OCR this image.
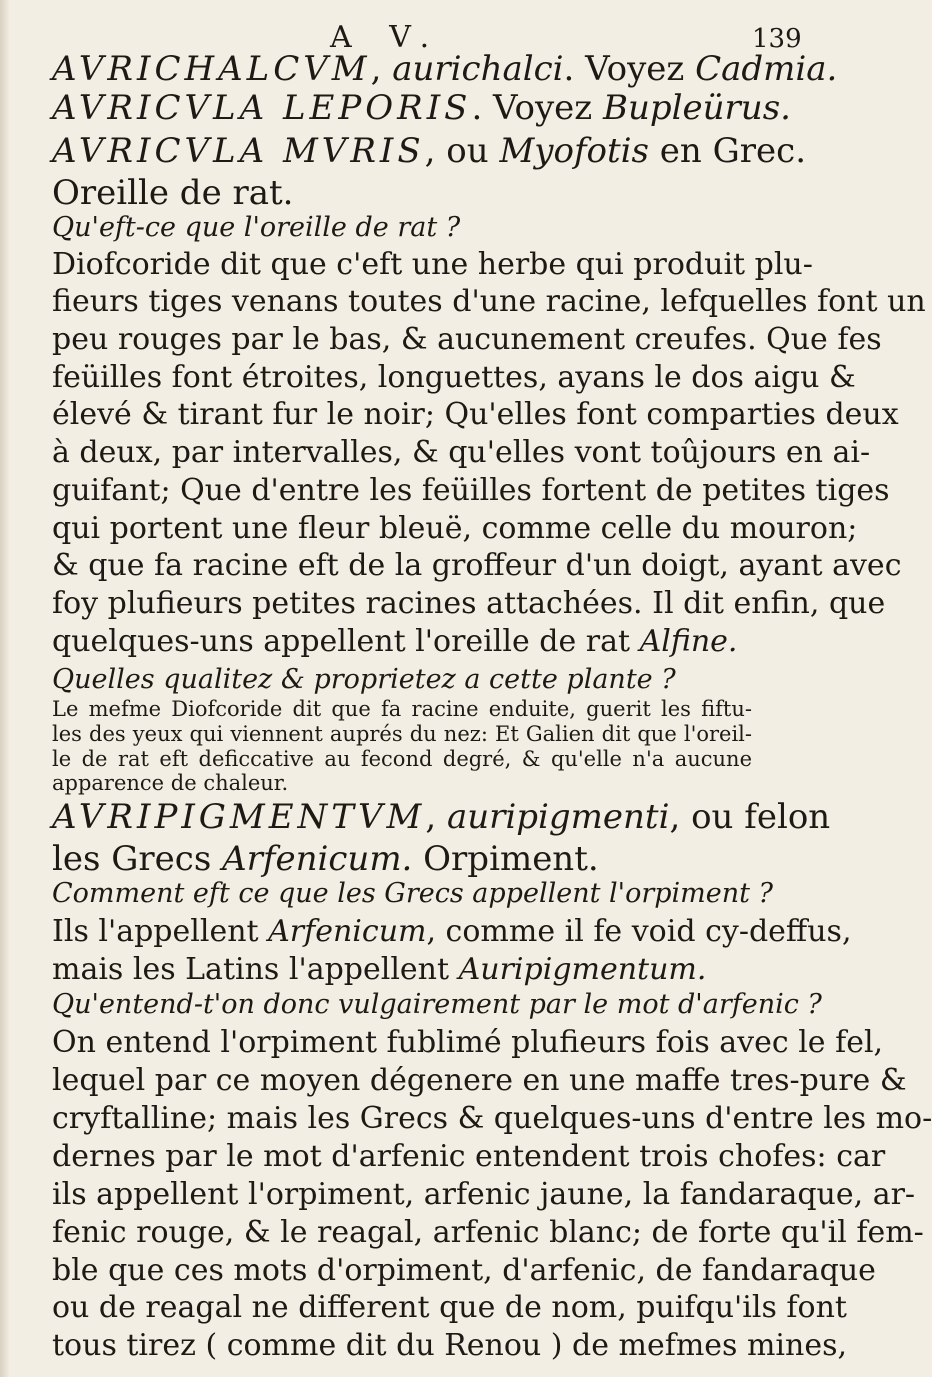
A V.	139
AVRICHALCVM, aurichalci. Voyez Cadmia.
AVRICVLA LEPORIS. Voyez Bupleürus.
AVRICVLA MVRIS, ou Myofotis en Grec.
Oreille de rat.
Qu'eft-ce que l'oreille de rat ?
Diofcoride dit que c'eft une herbe qui produit plu-
fieurs tiges venans toutes d'une racine, lefquelles font un
peu rouges par le bas, & aucunement creufes. Que fes
feüilles font étroites, longuettes, ayans le dos aigu &
élevé & tirant fur le noir; Qu'elles font comparties deux
à deux, par intervalles, & qu'elles vont toûjours en ai-
guifant; Que d'entre les feüilles fortent de petites tiges
qui portent une fleur bleuë, comme celle du mouron;
& que fa racine eft de la groffeur d'un doigt, ayant avec
foy plufieurs petites racines attachées. Il dit enfin, que
quelques-uns appellent l'oreille de rat Alfine.
Quelles qualitez & proprietez a cette plante ?
Le mefme Diofcoride dit que fa racine enduite, guerit les fiftu-
les des yeux qui viennent auprés du nez: Et Galien dit que l'oreil-
le de rat eft deficcative au fecond degré, & qu'elle n'a aucune
apparence de chaleur.
AVRIPIGMENTVM, auripigmenti, ou felon
les Grecs Arfenicum. Orpiment.
Comment eft ce que les Grecs appellent l'orpiment ?
Ils l'appellent Arfenicum, comme il fe void cy-deffus,
mais les Latins l'appellent Auripigmentum.
Qu'entend-t'on donc vulgairement par le mot d'arfenic ?
On entend l'orpiment fublimé plufieurs fois avec le fel,
lequel par ce moyen dégenere en une maffe tres-pure &
cryftalline; mais les Grecs & quelques-uns d'entre les mo-
dernes par le mot d'arfenic entendent trois chofes: car
ils appellent l'orpiment, arfenic jaune, la fandaraque, ar-
fenic rouge, & le reagal, arfenic blanc; de forte qu'il fem-
ble que ces mots d'orpiment, d'arfenic, de fandaraque
ou de reagal ne different que de nom, puifqu'ils font
tous tirez ( comme dit du Renou ) de mefmes mines,
